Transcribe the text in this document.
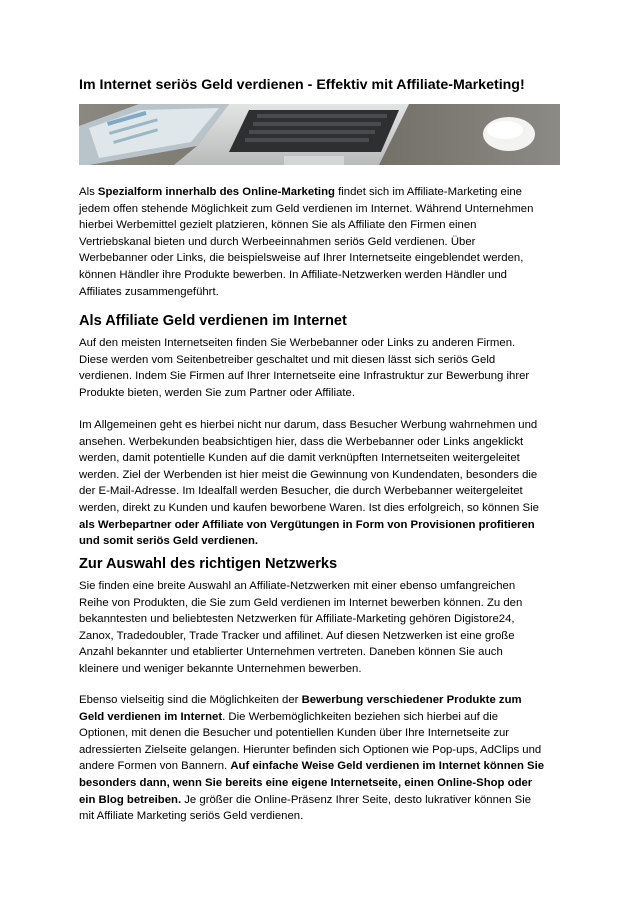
Im Internet seriös Geld verdienen - Effektiv mit Affiliate-Marketing!

Als Spezialform innerhalb des Online-Marketing findet sich im Affiliate-Marketing eine
jedem offen stehende Möglichkeit zum Geld verdienen im Internet. Während Unternehmen
hierbei Werbemittel gezielt platzieren, können Sie als Affiliate den Firmen einen
Vertriebskanal bieten und durch Werbeeinnahmen seriös Geld verdienen. Über
Werbebanner oder Links, die beispielsweise auf Ihrer Internetseite eingeblendet werden,
können Händler ihre Produkte bewerben. In Affiliate-Netzwerken werden Händler und
Affiliates zusammengeführt.

Als Affiliate Geld verdienen im Internet

Auf den meisten Internetseiten finden Sie Werbebanner oder Links zu anderen Firmen.
Diese werden vom Seitenbetreiber geschaltet und mit diesen lässt sich seriös Geld
verdienen. Indem Sie Firmen auf Ihrer Internetseite eine Infrastruktur zur Bewerbung ihrer
Produkte bieten, werden Sie zum Partner oder Affiliate.

Im Allgemeinen geht es hierbei nicht nur darum, dass Besucher Werbung wahrnehmen und
ansehen. Werbekunden beabsichtigen hier, dass die Werbebanner oder Links angeklickt
werden, damit potentielle Kunden auf die damit verknüpften Internetseiten weitergeleitet
werden. Ziel der Werbenden ist hier meist die Gewinnung von Kundendaten, besonders die
der E-Mail-Adresse. Im Idealfall werden Besucher, die durch Werbebanner weitergeleitet
werden, direkt zu Kunden und kaufen beworbene Waren. Ist dies erfolgreich, so können Sie
als Werbepartner oder Affiliate von Vergütungen in Form von Provisionen profitieren
und somit seriös Geld verdienen.

Zur Auswahl des richtigen Netzwerks

Sie finden eine breite Auswahl an Affiliate-Netzwerken mit einer ebenso umfangreichen
Reihe von Produkten, die Sie zum Geld verdienen im Internet bewerben können. Zu den
bekanntesten und beliebtesten Netzwerken für Affiliate-Marketing gehören Digistore24,
Zanox, Tradedoubler, Trade Tracker und affilinet. Auf diesen Netzwerken ist eine große
Anzahl bekannter und etablierter Unternehmen vertreten. Daneben können Sie auch
kleinere und weniger bekannte Unternehmen bewerben.

Ebenso vielseitig sind die Möglichkeiten der Bewerbung verschiedener Produkte zum
Geld verdienen im Internet. Die Werbemöglichkeiten beziehen sich hierbei auf die
Optionen, mit denen die Besucher und potentiellen Kunden über Ihre Internetseite zur
adressierten Zielseite gelangen. Hierunter befinden sich Optionen wie Pop-ups, AdClips und
andere Formen von Bannern. Auf einfache Weise Geld verdienen im Internet können Sie
besonders dann, wenn Sie bereits eine eigene Internetseite, einen Online-Shop oder
ein Blog betreiben. Je größer die Online-Präsenz Ihrer Seite, desto lukrativer können Sie
mit Affiliate Marketing seriös Geld verdienen.
